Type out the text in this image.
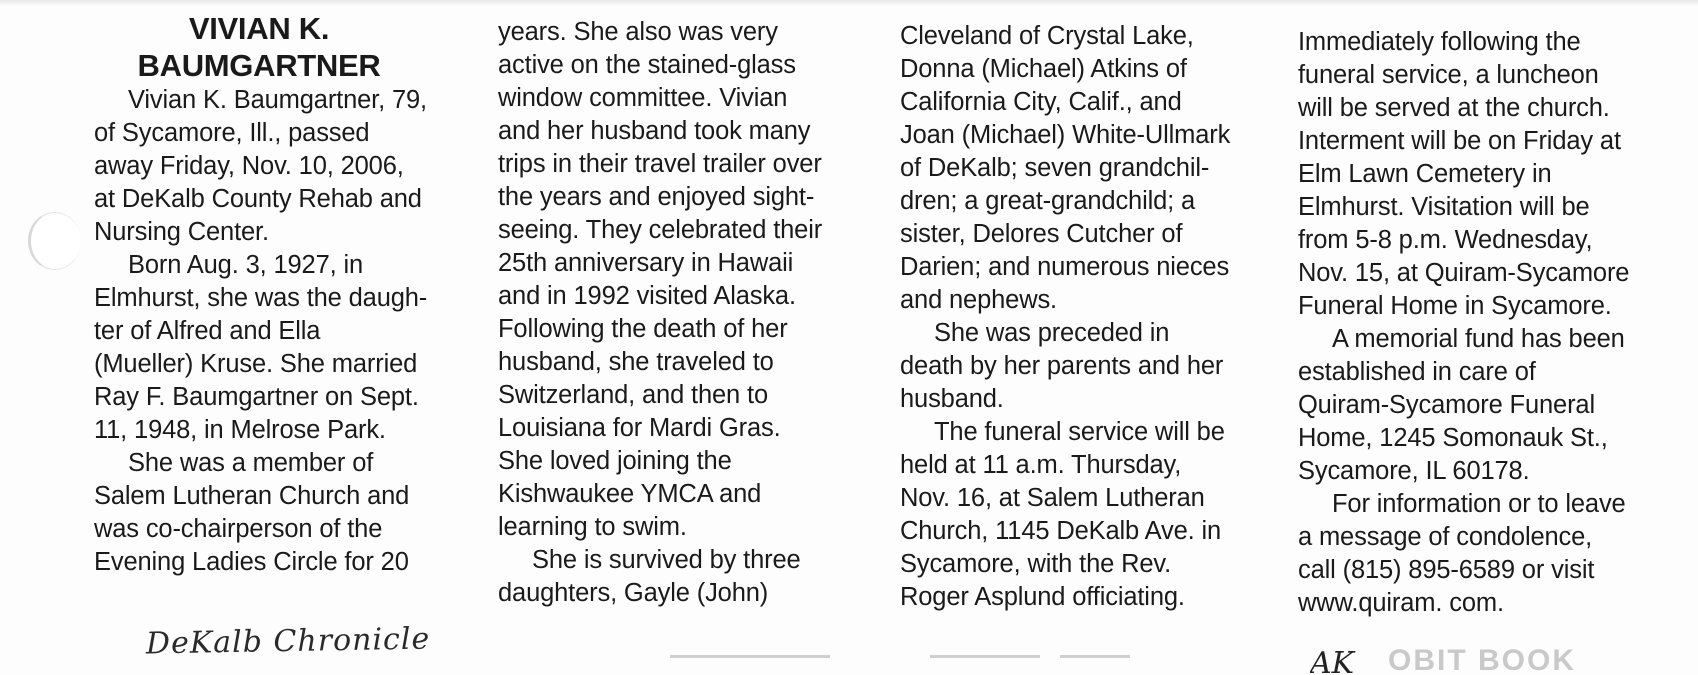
VIVIAN K.
BAUMGARTNER
Vivian K. Baumgartner, 79,
of Sycamore, Ill., passed
away Friday, Nov. 10, 2006,
at DeKalb County Rehab and
Nursing Center.
Born Aug. 3, 1927, in
Elmhurst, she was the daugh-
ter of Alfred and Ella
(Mueller) Kruse. She married
Ray F. Baumgartner on Sept.
11, 1948, in Melrose Park.
She was a member of
Salem Lutheran Church and
was co-chairperson of the
Evening Ladies Circle for 20
years. She also was very
active on the stained-glass
window committee. Vivian
and her husband took many
trips in their travel trailer over
the years and enjoyed sight-
seeing. They celebrated their
25th anniversary in Hawaii
and in 1992 visited Alaska.
Following the death of her
husband, she traveled to
Switzerland, and then to
Louisiana for Mardi Gras.
She loved joining the
Kishwaukee YMCA and
learning to swim.
She is survived by three
daughters, Gayle (John)
Cleveland of Crystal Lake,
Donna (Michael) Atkins of
California City, Calif., and
Joan (Michael) White-Ullmark
of DeKalb; seven grandchil-
dren; a great-grandchild; a
sister, Delores Cutcher of
Darien; and numerous nieces
and nephews.
She was preceded in
death by her parents and her
husband.
The funeral service will be
held at 11 a.m. Thursday,
Nov. 16, at Salem Lutheran
Church, 1145 DeKalb Ave. in
Sycamore, with the Rev.
Roger Asplund officiating.
Immediately following the
funeral service, a luncheon
will be served at the church.
Interment will be on Friday at
Elm Lawn Cemetery in
Elmhurst. Visitation will be
from 5-8 p.m. Wednesday,
Nov. 15, at Quiram-Sycamore
Funeral Home in Sycamore.
A memorial fund has been
established in care of
Quiram-Sycamore Funeral
Home, 1245 Somonauk St.,
Sycamore, IL 60178.
For information or to leave
a message of condolence,
call (815) 895-6589 or visit
www.quiram. com.
DeKalb Chronicle
AK OBIT BOOK
